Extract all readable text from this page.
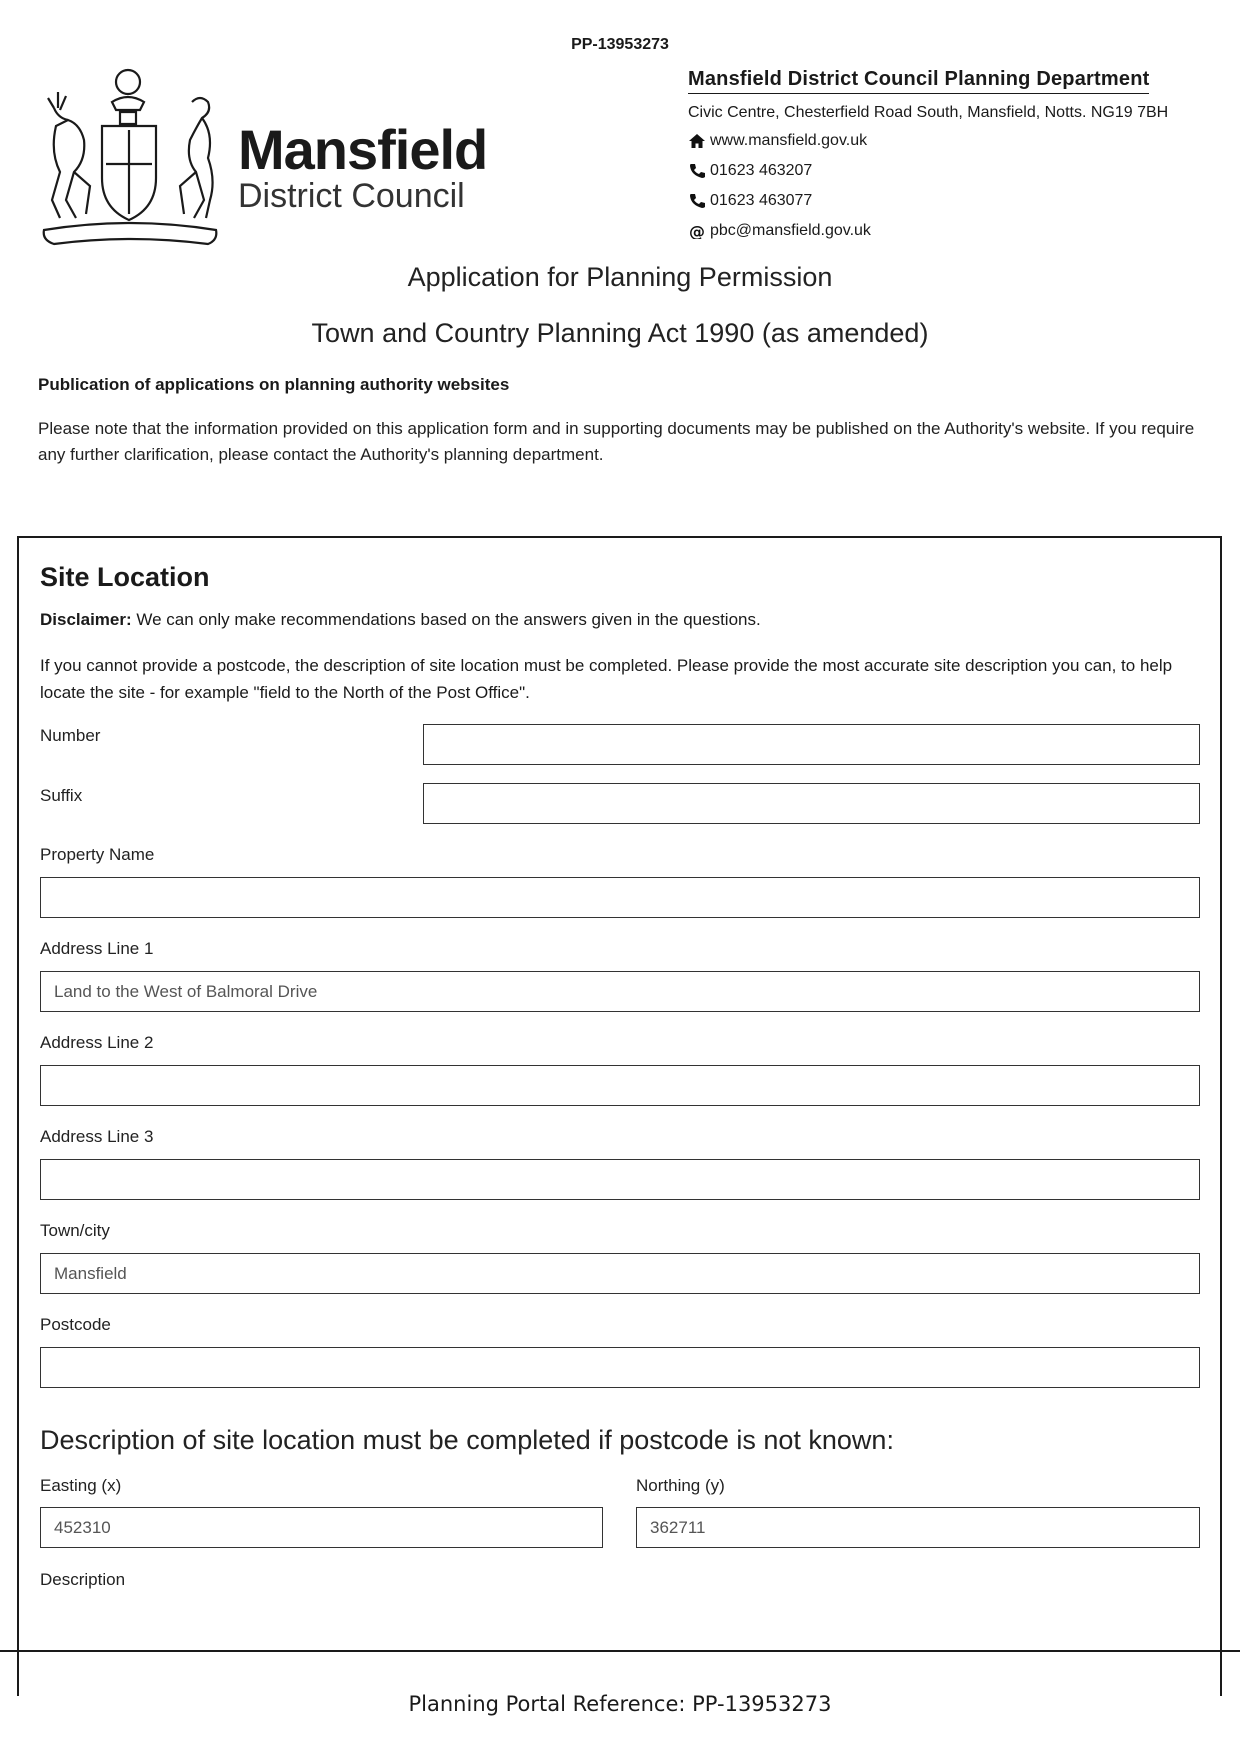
PP-13953273
Mansfield
District Council
Mansfield District Council Planning Department
Civic Centre, Chesterfield Road South, Mansfield, Notts. NG19 7BH
www.mansfield.gov.uk
01623 463207
01623 463077
@ pbc@mansfield.gov.uk
Application for Planning Permission
Town and Country Planning Act 1990 (as amended)
Publication of applications on planning authority websites
Please note that the information provided on this application form and in supporting documents may be published on the Authority's website. If you require any further clarification, please contact the Authority's planning department.
Site Location
Disclaimer: We can only make recommendations based on the answers given in the questions.
If you cannot provide a postcode, the description of site location must be completed. Please provide the most accurate site description you can, to help locate the site - for example "field to the North of the Post Office".
Number
Suffix
Property Name
Address Line 1
Land to the West of Balmoral Drive
Address Line 2
Address Line 3
Town/city
Mansfield
Postcode
Description of site location must be completed if postcode is not known:
Easting (x)
452310
Northing (y)
362711
Description
Planning Portal Reference: PP-13953273
